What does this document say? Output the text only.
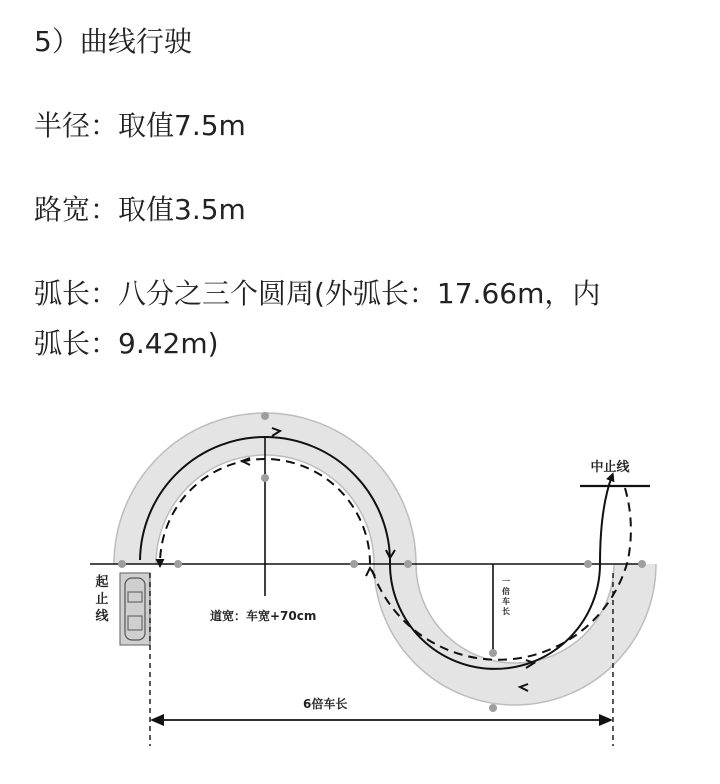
5）曲线行驶
半径：取值7.5m
路宽：取值3.5m
弧长：八分之三个圆周(外弧长：17.66m，内
弧长：9.42m)
中止线
起
止
线	道宽：车宽+70cm
一
倍
车
长
6倍车长
